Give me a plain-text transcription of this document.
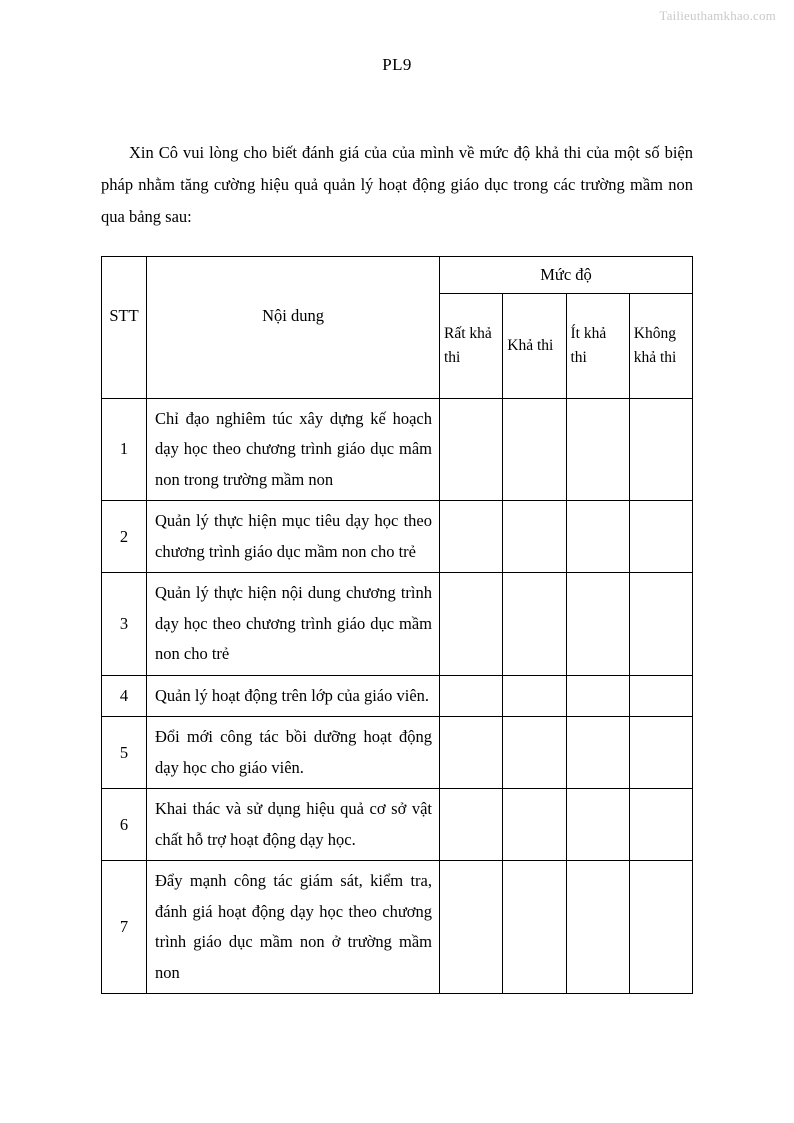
Tailieuthamkhao.com
PL9

Xin Cô vui lòng cho biết đánh giá của của mình về mức độ khả thi của một số biện pháp nhằm tăng cường hiệu quả quản lý hoạt động giáo dục trong các trường mầm non qua bảng sau:

STT	Nội dung	Mức độ			
		Rất khả thi	Khả thi	Ít khả thi	Không khả thi
1	Chỉ đạo nghiêm túc xây dựng kế hoạch dạy học theo chương trình giáo dục mâm non trong trường mầm non				
2	Quản lý thực hiện mục tiêu dạy học theo chương trình giáo dục mầm non cho trẻ				
3	Quản lý thực hiện nội dung chương trình dạy học theo chương trình giáo dục mầm non cho trẻ				
4	Quản lý hoạt động trên lớp của giáo viên.				
5	Đổi mới công tác bồi dưỡng hoạt động dạy học cho giáo viên.				
6	Khai thác và sử dụng hiệu quả cơ sở vật chất hỗ trợ hoạt động dạy học.				
7	Đẩy mạnh công tác giám sát, kiểm tra, đánh giá hoạt động dạy học theo chương trình giáo dục mầm non ở trường mầm non				
